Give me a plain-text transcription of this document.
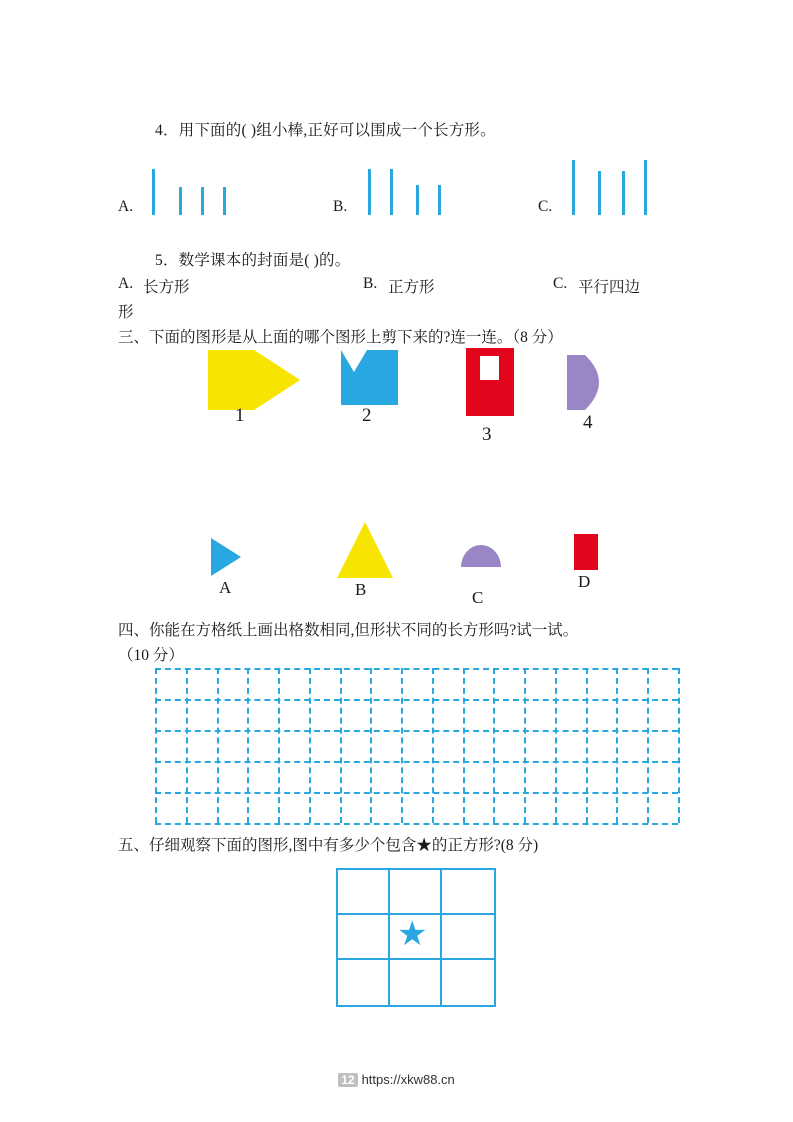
4．用下面的( )组小棒,正好可以围成一个长方形。
A.	B.	C.
5．数学课本的封面是( )的。
A. 长方形	B. 正方形	C. 平行四边
形
三、下面的图形是从上面的哪个图形上剪下来的?连一连。（8 分）
1	2
3
4
A	B	C
D
四、你能在方格纸上画出格数相同,但形状不同的长方形吗?试一试。
（10 分）
五、仔细观察下面的图形,图中有多少个包含★的正方形?(8 分)
★
12 https://xkw88.cn
